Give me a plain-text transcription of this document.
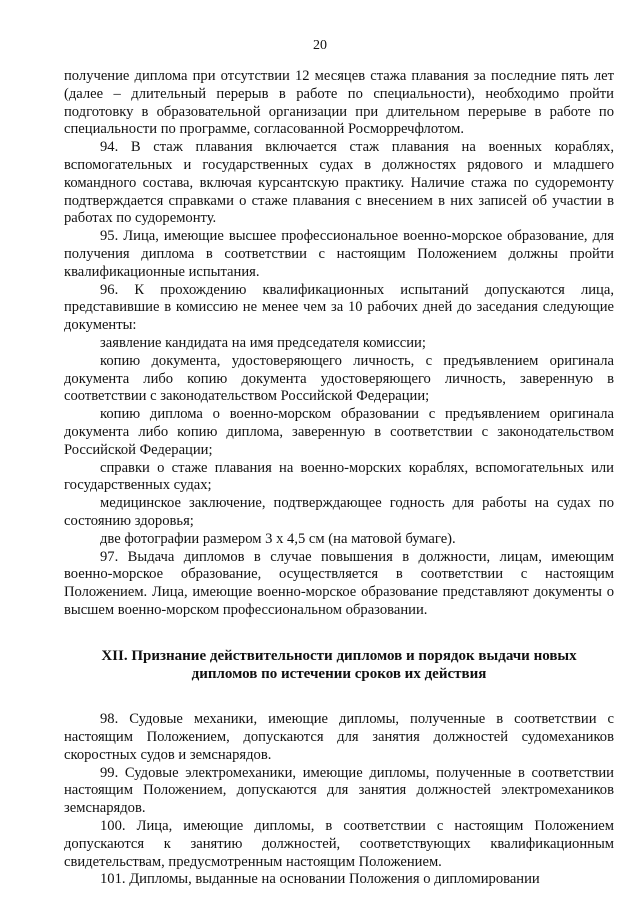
20

получение диплома при отсутствии 12 месяцев стажа плавания за последние пять лет (далее – длительный перерыв в работе по специальности), необходимо пройти подготовку в образовательной организации при длительном перерыве в работе по специальности по программе, согласованной Росморречфлотом.

94. В стаж плавания включается стаж плавания на военных кораблях, вспомогательных и государственных судах в должностях рядового и младшего командного состава, включая курсантскую практику. Наличие стажа по судоремонту подтверждается справками о стаже плавания с внесением в них записей об участии в работах по судоремонту.

95. Лица, имеющие высшее профессиональное военно-морское образование, для получения диплома в соответствии с настоящим Положением должны пройти квалификационные испытания.

96. К прохождению квалификационных испытаний допускаются лица, представившие в комиссию не менее чем за 10 рабочих дней до заседания следующие документы:

заявление кандидата на имя председателя комиссии;

копию документа, удостоверяющего личность, с предъявлением оригинала документа либо копию документа удостоверяющего личность, заверенную в соответствии с законодательством Российской Федерации;

копию диплома о военно-морском образовании с предъявлением оригинала документа либо копию диплома, заверенную в соответствии с законодательством Российской Федерации;

справки о стаже плавания на военно-морских кораблях, вспомогательных или государственных судах;

медицинское заключение, подтверждающее годность для работы на судах по состоянию здоровья;

две фотографии размером 3 х 4,5 см (на матовой бумаге).

97. Выдача дипломов в случае повышения в должности, лицам, имеющим военно-морское образование, осуществляется в соответствии с настоящим Положением. Лица, имеющие военно-морское образование представляют документы о высшем военно-морском профессиональном образовании.

XII. Признание действительности дипломов и порядок выдачи новых
дипломов по истечении сроков их действия

98. Судовые механики, имеющие дипломы, полученные в соответствии с настоящим Положением, допускаются для занятия должностей судомехаников скоростных судов и земснарядов.

99. Судовые электромеханики, имеющие дипломы, полученные в соответствии настоящим Положением, допускаются для занятия должностей электромехаников земснарядов.

100. Лица, имеющие дипломы, в соответствии с настоящим Положением допускаются к занятию должностей, соответствующих квалификационным свидетельствам, предусмотренным настоящим Положением.

101. Дипломы, выданные на основании Положения о дипломировании
